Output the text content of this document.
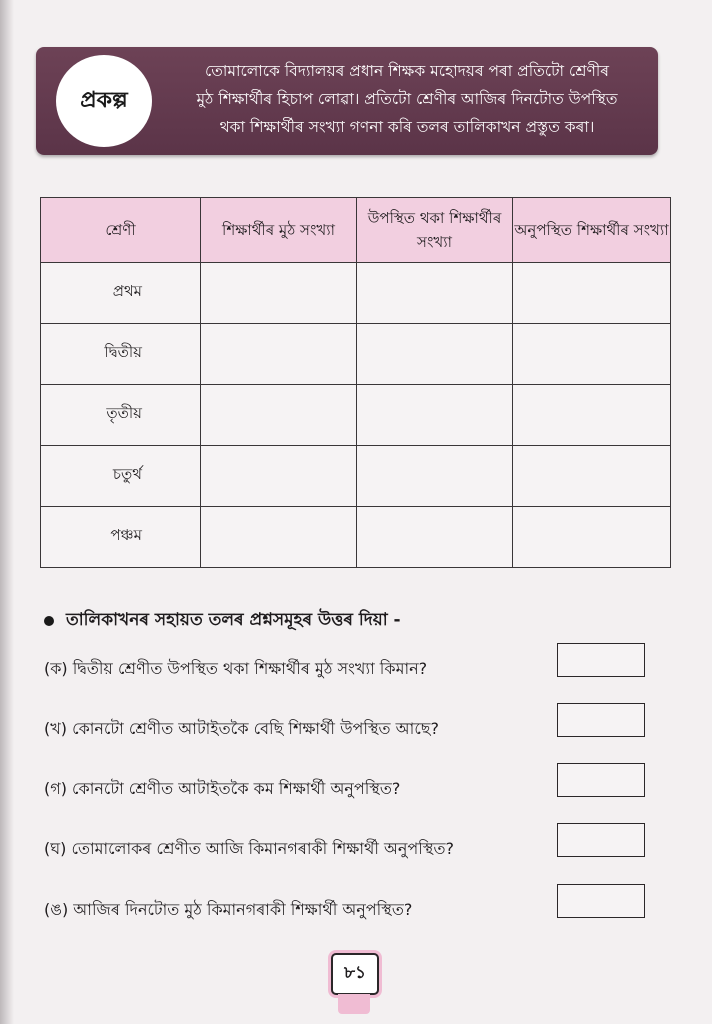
প্ৰকল্প
তোমালোকে বিদ্যালয়ৰ প্ৰধান শিক্ষক মহোদয়ৰ পৰা প্ৰতিটো শ্ৰেণীৰ
মুঠ শিক্ষাৰ্থীৰ হিচাপ লোৱা। প্ৰতিটো শ্ৰেণীৰ আজিৰ দিনটোত উপস্থিত
থকা শিক্ষাৰ্থীৰ সংখ্যা গণনা কৰি তলৰ তালিকাখন প্ৰস্তুত কৰা।
শ্ৰেণী	শিক্ষাৰ্থীৰ মুঠ সংখ্যা	উপস্থিত থকা শিক্ষাৰ্থীৰ সংখ্যা	অনুপস্থিত শিক্ষাৰ্থীৰ সংখ্যা
প্ৰথম			
দ্বিতীয়			
তৃতীয়			
চতুৰ্থ			
পঞ্চম			
তালিকাখনৰ সহায়ত তলৰ প্ৰশ্নসমূহৰ উত্তৰ দিয়া -
(ক) দ্বিতীয় শ্ৰেণীত উপস্থিত থকা শিক্ষাৰ্থীৰ মুঠ সংখ্যা কিমান?
(খ) কোনটো শ্ৰেণীত আটাইতকৈ বেছি শিক্ষাৰ্থী উপস্থিত আছে?
(গ) কোনটো শ্ৰেণীত আটাইতকৈ কম শিক্ষাৰ্থী অনুপস্থিত?
(ঘ) তোমালোকৰ শ্ৰেণীত আজি কিমানগৰাকী শিক্ষাৰ্থী অনুপস্থিত?
(ঙ) আজিৰ দিনটোত মুঠ কিমানগৰাকী শিক্ষাৰ্থী অনুপস্থিত?
৮১
